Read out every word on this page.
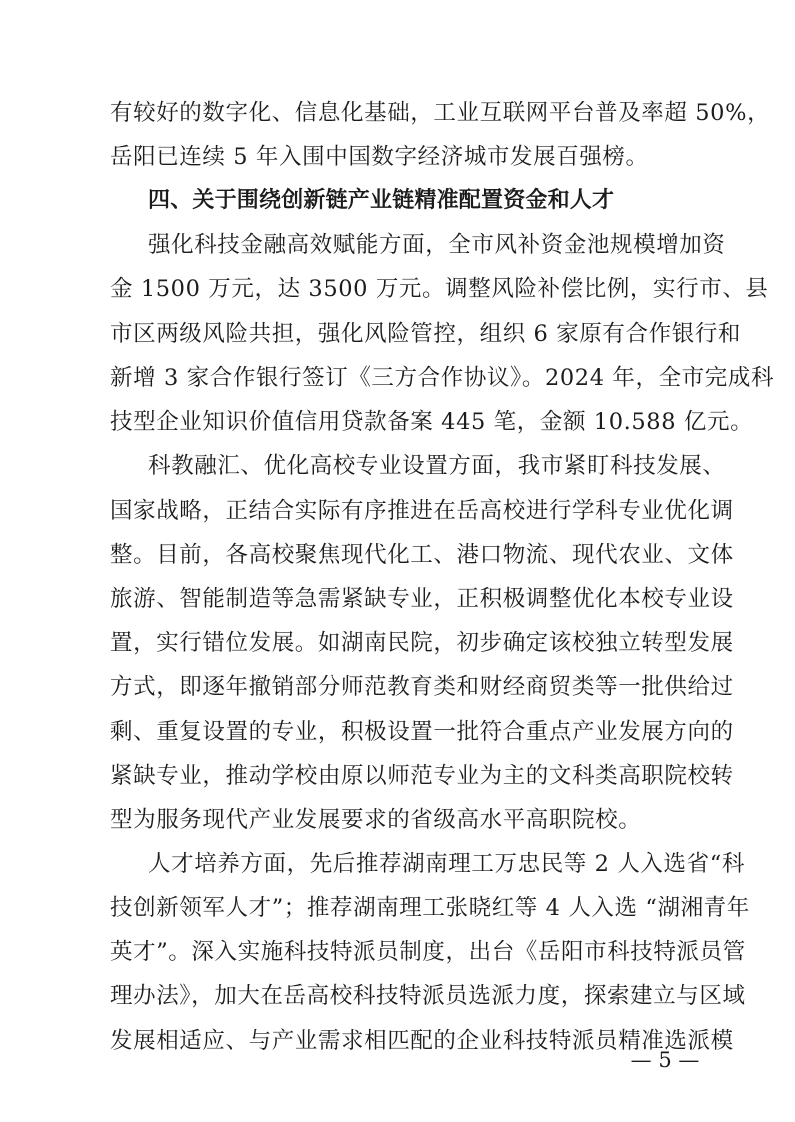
有较好的数字化、信息化基础，工业互联网平台普及率超 50%，
岳阳已连续 5 年入围中国数字经济城市发展百强榜。
四、关于围绕创新链产业链精准配置资金和人才
强化科技金融高效赋能方面，全市风补资金池规模增加资
金 1500 万元，达 3500 万元。调整风险补偿比例，实行市、县
市区两级风险共担，强化风险管控，组织 6 家原有合作银行和
新增 3 家合作银行签订《三方合作协议》。2024 年，全市完成科
技型企业知识价值信用贷款备案 445 笔，金额 10.588 亿元。
科教融汇、优化高校专业设置方面，我市紧盯科技发展、
国家战略，正结合实际有序推进在岳高校进行学科专业优化调
整。目前，各高校聚焦现代化工、港口物流、现代农业、文体
旅游、智能制造等急需紧缺专业，正积极调整优化本校专业设
置，实行错位发展。如湖南民院，初步确定该校独立转型发展
方式，即逐年撤销部分师范教育类和财经商贸类等一批供给过
剩、重复设置的专业，积极设置一批符合重点产业发展方向的
紧缺专业，推动学校由原以师范专业为主的文科类高职院校转
型为服务现代产业发展要求的省级高水平高职院校。
人才培养方面，先后推荐湖南理工万忠民等 2 人入选省“科
技创新领军人才”；推荐湖南理工张晓红等 4 人入选 “湖湘青年
英才”。深入实施科技特派员制度，出台《岳阳市科技特派员管
理办法》，加大在岳高校科技特派员选派力度，探索建立与区域
发展相适应、与产业需求相匹配的企业科技特派员精准选派模
— 5 —
